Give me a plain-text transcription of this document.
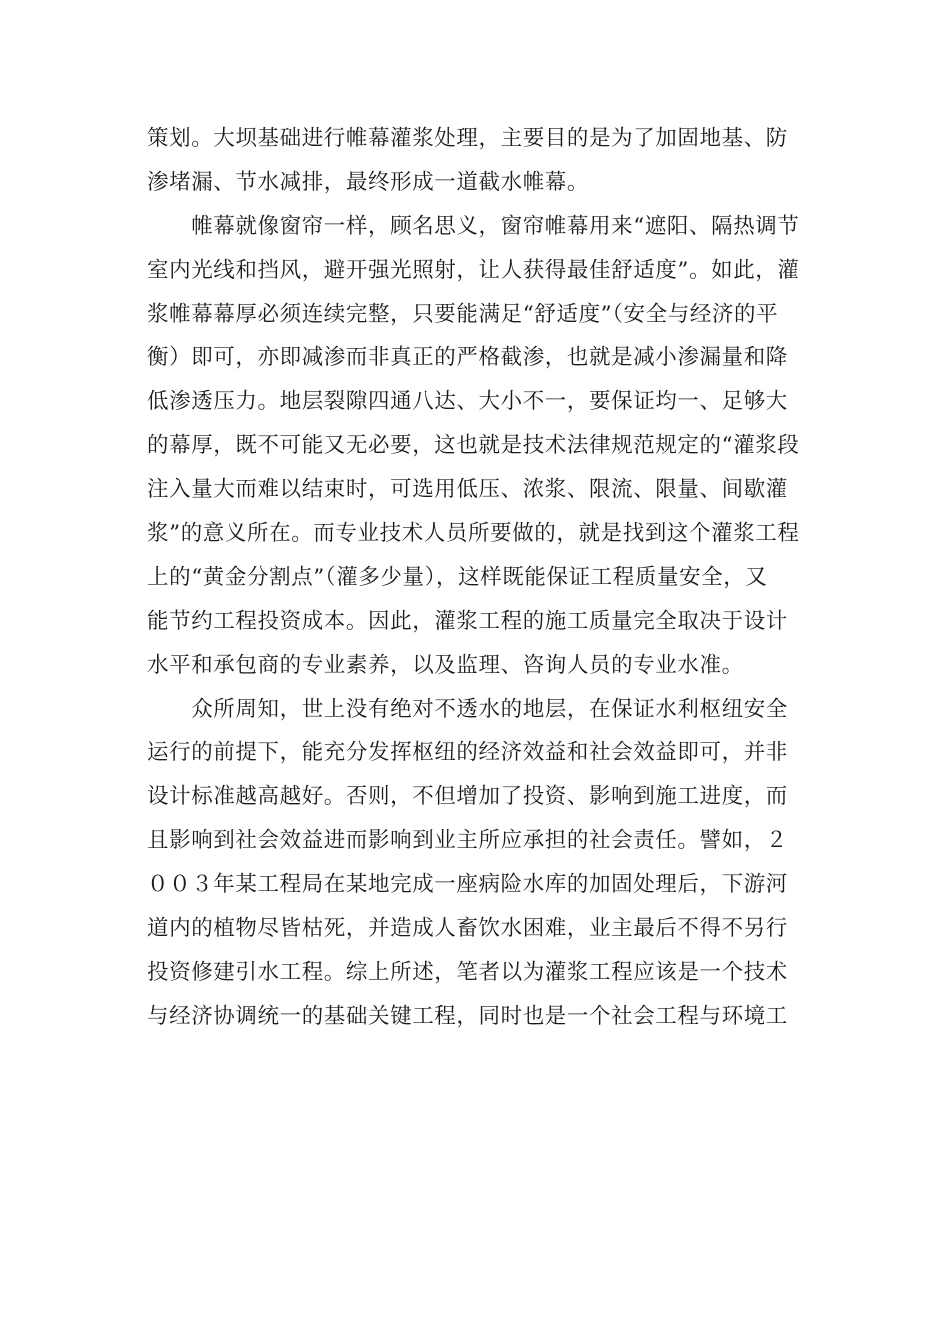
策划。大坝基础进行帷幕灌浆处理，主要目的是为了加固地基、防
渗堵漏、节水减排，最终形成一道截水帷幕。
　　帷幕就像窗帘一样，顾名思义，窗帘帷幕用来“遮阳、隔热调节
室内光线和挡风，避开强光照射，让人获得最佳舒适度”。如此，灌
浆帷幕幕厚必须连续完整，只要能满足“舒适度”（安全与经济的平
衡）即可，亦即减渗而非真正的严格截渗，也就是减小渗漏量和降
低渗透压力。地层裂隙四通八达、大小不一，要保证均一、足够大
的幕厚，既不可能又无必要，这也就是技术法律规范规定的“灌浆段
注入量大而难以结束时，可选用低压、浓浆、限流、限量、间歇灌
浆”的意义所在。而专业技术人员所要做的，就是找到这个灌浆工程
上的“黄金分割点”（灌多少量），这样既能保证工程质量安全，又
能节约工程投资成本。因此，灌浆工程的施工质量完全取决于设计
水平和承包商的专业素养，以及监理、咨询人员的专业水准。
　　众所周知，世上没有绝对不透水的地层，在保证水利枢纽安全
运行的前提下，能充分发挥枢纽的经济效益和社会效益即可，并非
设计标准越高越好。否则，不但增加了投资、影响到施工进度，而
且影响到社会效益进而影响到业主所应承担的社会责任。譬如，２
００３年某工程局在某地完成一座病险水库的加固处理后，下游河
道内的植物尽皆枯死，并造成人畜饮水困难，业主最后不得不另行
投资修建引水工程。综上所述，笔者以为灌浆工程应该是一个技术
与经济协调统一的基础关键工程，同时也是一个社会工程与环境工
